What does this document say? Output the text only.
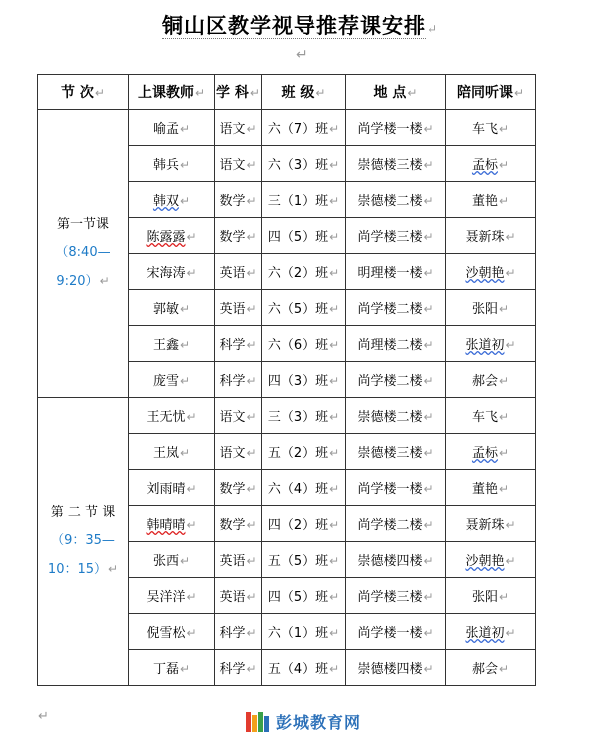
铜山区教学视导推荐课安排↵
↵
节 次↵	上课教师↵	学 科↵	班 级↵	地 点↵	陪同听课↵

第一节课
（8:40—9:20）↵	喻孟↵	语文↵	六（7）班↵	尚学楼一楼↵	车飞↵
	韩兵↵	语文↵	六（3）班↵	崇德楼三楼↵	孟标↵
	韩双↵	数学↵	三（1）班↵	崇德楼二楼↵	董艳↵
	陈露露↵	数学↵	四（5）班↵	尚学楼三楼↵	聂新珠↵
	宋海涛↵	英语↵	六（2）班↵	明理楼一楼↵	沙朝艳↵
	郭敏↵	英语↵	六（5）班↵	尚学楼二楼↵	张阳↵
	王鑫↵	科学↵	六（6）班↵	尚理楼二楼↵	张道初↵
	庞雪↵	科学↵	四（3）班↵	尚学楼二楼↵	郝会↵

第 二 节 课
（9：35—10：15）↵	王无忧↵	语文↵	三（3）班↵	崇德楼二楼↵	车飞↵
	王岚↵	语文↵	五（2）班↵	崇德楼三楼↵	孟标↵
	刘雨晴↵	数学↵	六（4）班↵	尚学楼一楼↵	董艳↵
	韩晴晴↵	数学↵	四（2）班↵	尚学楼二楼↵	聂新珠↵
	张西↵	英语↵	五（5）班↵	崇德楼四楼↵	沙朝艳↵
	吴洋洋↵	英语↵	四（5）班↵	尚学楼三楼↵	张阳↵
	倪雪松↵	科学↵	六（1）班↵	尚学楼一楼↵	张道初↵
	丁磊↵	科学↵	五（4）班↵	崇德楼四楼↵	郝会↵
↵	彭城教育网
